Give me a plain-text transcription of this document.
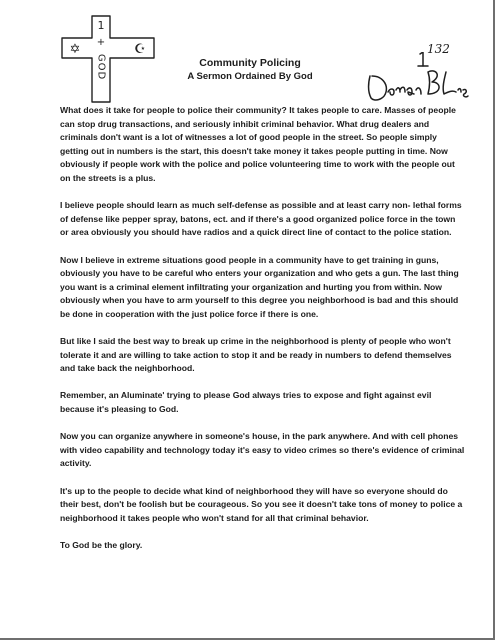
1
+
✡	☪
GOD	Community Policing
A Sermon Ordained By God
132

What does it take for people to police their community? It takes people to care. Masses of people can stop drug transactions, and seriously inhibit criminal behavior. What drug dealers and criminals don't want is a lot of witnesses a lot of good people in the street. So people simply getting out in numbers is the start, this doesn't take money it takes people putting in time. Now obviously if people work with the police and police volunteering time to work with the people out on the streets is a plus.

I believe people should learn as much self-defense as possible and at least carry non- lethal forms of defense like pepper spray, batons, ect. and if there's a good organized police force in the town or area obviously you should have radios and a quick direct line of contact to the police station.

Now I believe in extreme situations good people in a community have to get training in guns, obviously you have to be careful who enters your organization and who gets a gun. The last thing you want is a criminal element infiltrating your organization and hurting you from within. Now obviously when you have to arm yourself to this degree you neighborhood is bad and this should be done in cooperation with the just police force if there is one.

But like I said the best way to break up crime in the neighborhood is plenty of people who won't tolerate it and are willing to take action to stop it and be ready in numbers to defend themselves and take back the neighborhood.

Remember, an Aluminate' trying to please God always tries to expose and fight against evil because it's pleasing to God.

Now you can organize anywhere in someone's house, in the park anywhere. And with cell phones with video capability and technology today it's easy to video crimes so there's evidence of criminal activity.

It's up to the people to decide what kind of neighborhood they will have so everyone should do their best, don't be foolish but be courageous. So you see it doesn't take tons of money to police a neighborhood it takes people who won't stand for all that criminal behavior.

To God be the glory.
